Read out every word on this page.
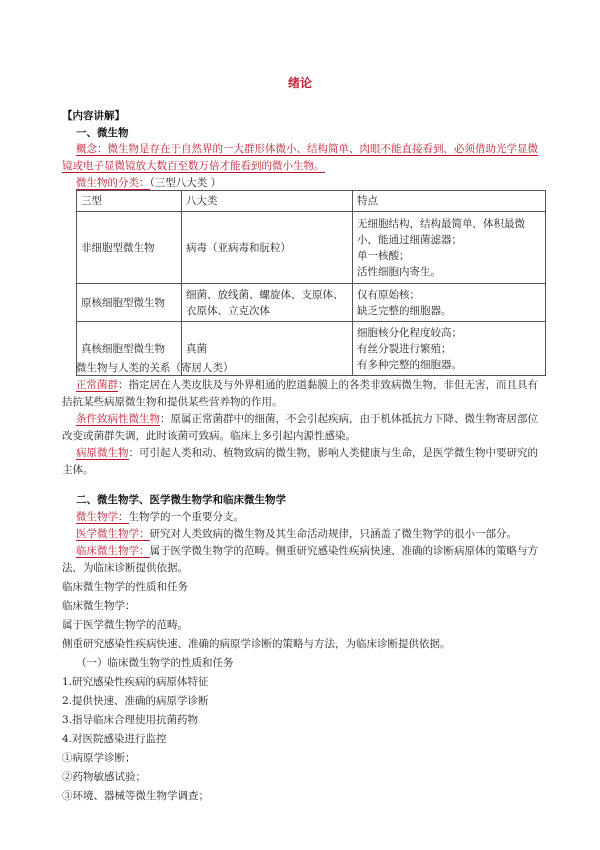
绪论
【内容讲解】
一、微生物
概念：微生物是存在于自然界的一大群形体微小、结构简单、肉眼不能直接看到，必须借助光学显微
镜或电子显微镜放大数百至数万倍才能看到的微小生物。
微生物的分类：（三型八大类 ）
三型	八大类	特点
非细胞型微生物	病毒（亚病毒和朊粒）	无细胞结构，结构最简单，体积最微
小，能通过细菌滤器；
单一核酸；
活性细胞内寄生。

原核细胞型微生物	细菌、放线菌、螺旋体、支原体、衣原体、立克次体	仅有原始核；
缺乏完整的细胞器。

真核细胞型微生物	真菌	细胞核分化程度较高；
有丝分裂进行繁殖；
有多种完整的细胞器。
微生物与人类的关系（寄居人类）
正常菌群：指定居在人类皮肤及与外界相通的腔道黏膜上的各类非致病微生物，非但无害，而且具有拮抗某些病原微生物和提供某些营养物的作用。
条件致病性微生物：原属正常菌群中的细菌，不会引起疾病，由于机体抵抗力下降、微生物寄居部位改变或菌群失调，此时该菌可致病。临床上多引起内源性感染。
病原微生物：可引起人类和动、植物致病的微生物，影响人类健康与生命，是医学微生物中要研究的主体。
二、微生物学、医学微生物学和临床微生物学
微生物学：生物学的一个重要分支。
医学微生物学：研究对人类致病的微生物及其生命活动规律，只涵盖了微生物学的很小一部分。
临床微生物学：属于医学微生物学的范畴。侧重研究感染性疾病快速、准确的诊断病原体的策略与方法，为临床诊断提供依据。
临床微生物学的性质和任务
临床微生物学：
属于医学微生物学的范畴。
侧重研究感染性疾病快速、准确的病原学诊断的策略与方法，为临床诊断提供依据。
（一）临床微生物学的性质和任务
1.研究感染性疾病的病原体特征
2.提供快速、准确的病原学诊断
3.指导临床合理使用抗菌药物
4.对医院感染进行监控
①病原学诊断；
②药物敏感试验；
③环境、器械等微生物学调查；
